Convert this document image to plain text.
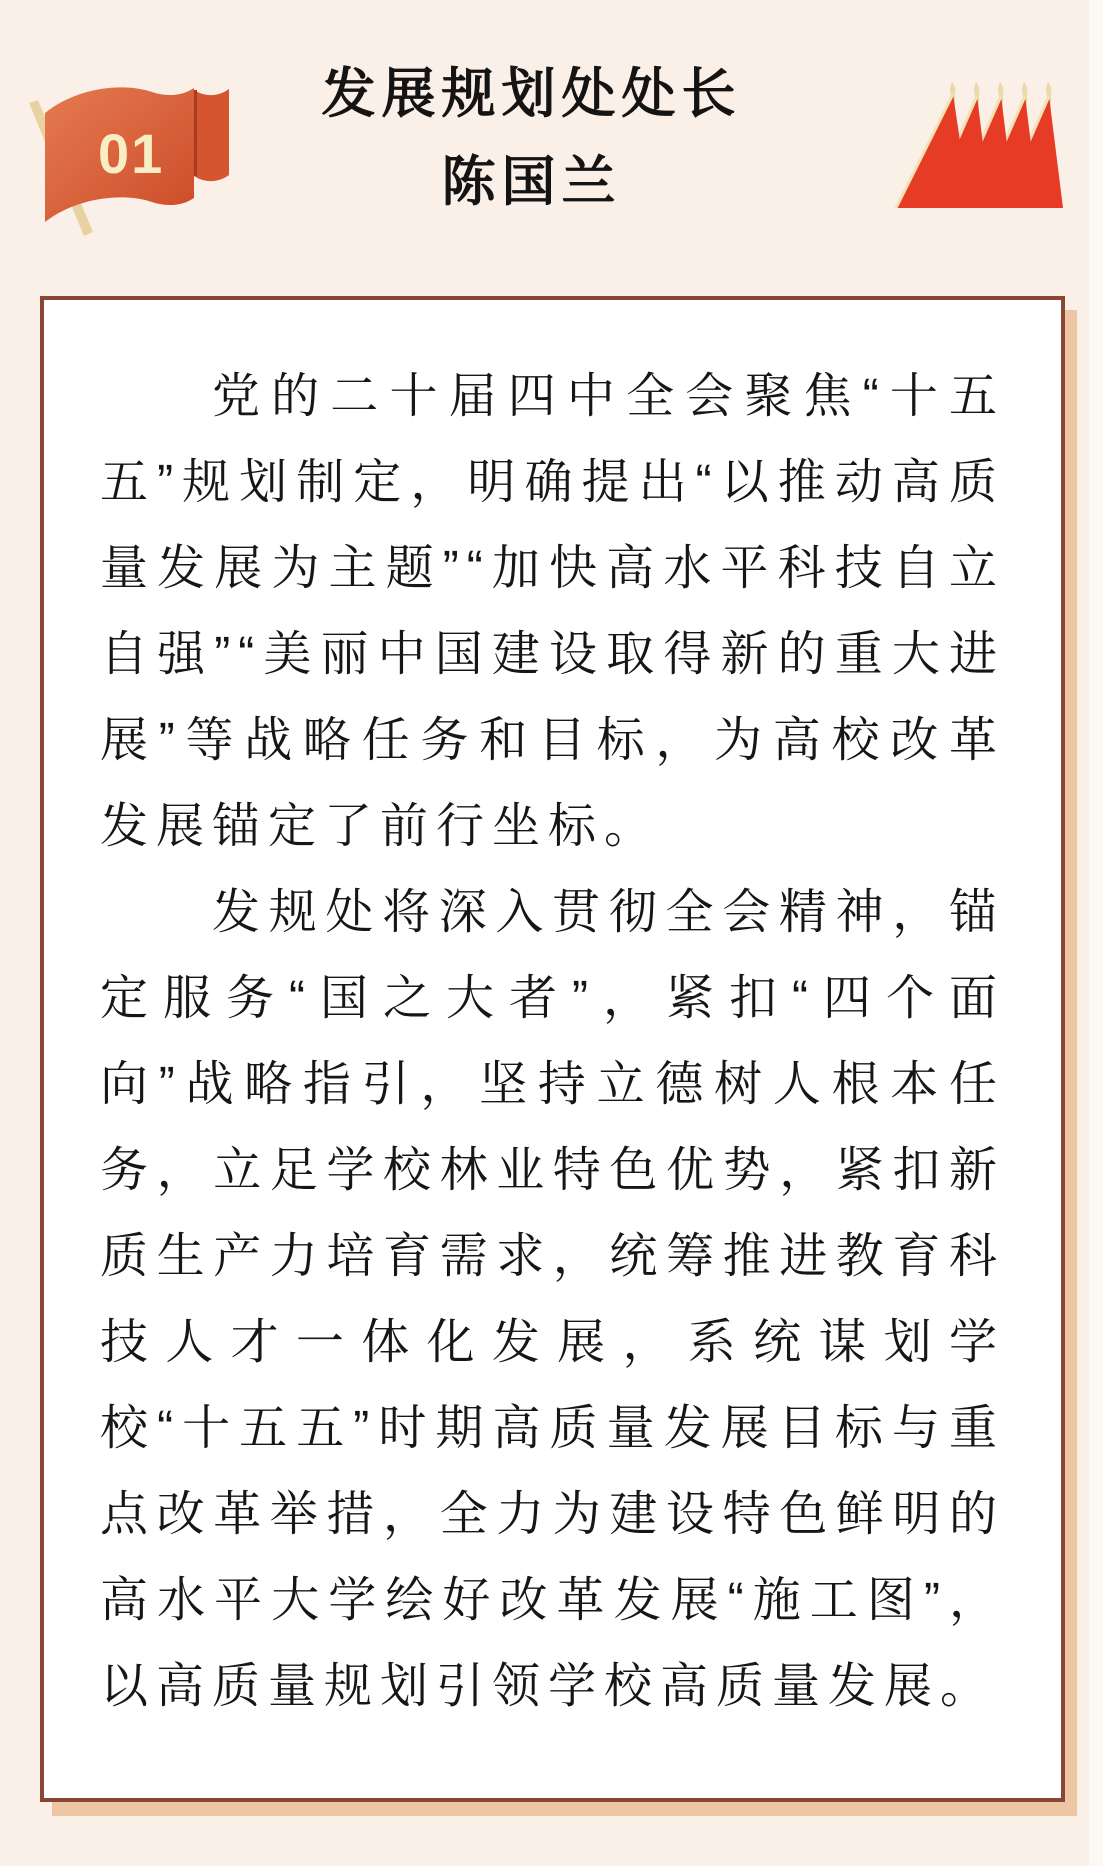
01
发展规划处处长
陈国兰

党的二十届四中全会聚焦“十五五”规划制定，明确提出“以推动高质量发展为主题”“加快高水平科技自立自强”“美丽中国建设取得新的重大进展”等战略任务和目标，为高校改革发展锚定了前行坐标。

发规处将深入贯彻全会精神，锚定服务“国之大者”，紧扣“四个面向”战略指引，坚持立德树人根本任务，立足学校林业特色优势，紧扣新质生产力培育需求，统筹推进教育科技人才一体化发展，系统谋划学校“十五五”时期高质量发展目标与重点改革举措，全力为建设特色鲜明的高水平大学绘好改革发展“施工图”，以高质量规划引领学校高质量发展。
